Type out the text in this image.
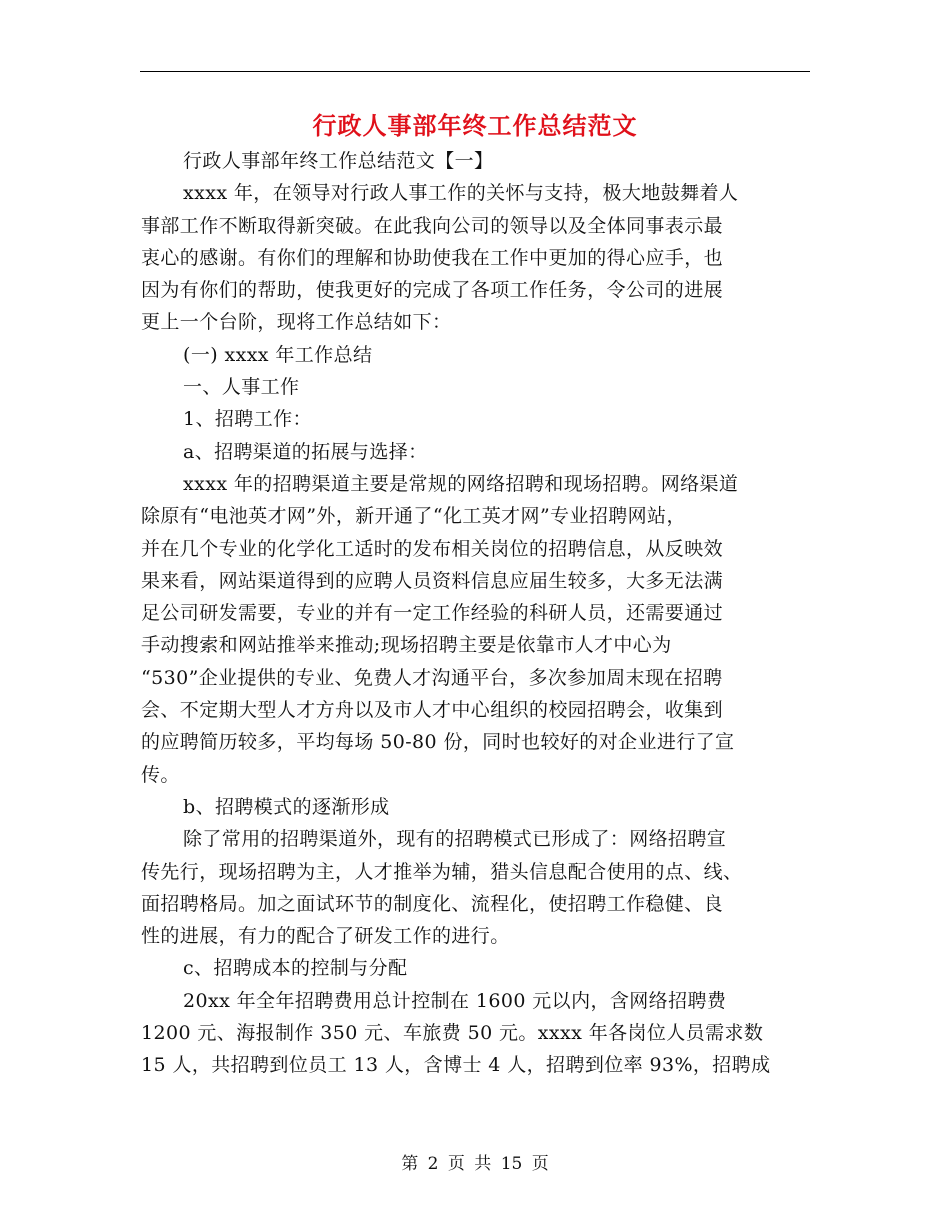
行政人事部年终工作总结范文
行政人事部年终工作总结范文【一】
xxxx 年，在领导对行政人事工作的关怀与支持，极大地鼓舞着人
事部工作不断取得新突破。在此我向公司的领导以及全体同事表示最
衷心的感谢。有你们的理解和协助使我在工作中更加的得心应手，也
因为有你们的帮助，使我更好的完成了各项工作任务，令公司的进展
更上一个台阶，现将工作总结如下：
(一) xxxx 年工作总结
一、人事工作
1、招聘工作：
a、招聘渠道的拓展与选择：
xxxx 年的招聘渠道主要是常规的网络招聘和现场招聘。网络渠道
除原有“电池英才网”外，新开通了“化工英才网”专业招聘网站，
并在几个专业的化学化工适时的发布相关岗位的招聘信息，从反映效
果来看，网站渠道得到的应聘人员资料信息应届生较多，大多无法满
足公司研发需要，专业的并有一定工作经验的科研人员，还需要通过
手动搜索和网站推举来推动;现场招聘主要是依靠市人才中心为
“530”企业提供的专业、免费人才沟通平台，多次参加周末现在招聘
会、不定期大型人才方舟以及市人才中心组织的校园招聘会，收集到
的应聘简历较多，平均每场 50-80 份，同时也较好的对企业进行了宣
传。
b、招聘模式的逐渐形成
除了常用的招聘渠道外，现有的招聘模式已形成了：网络招聘宣
传先行，现场招聘为主，人才推举为辅，猎头信息配合使用的点、线、
面招聘格局。加之面试环节的制度化、流程化，使招聘工作稳健、良
性的进展，有力的配合了研发工作的进行。
c、招聘成本的控制与分配
20xx 年全年招聘费用总计控制在 1600 元以内，含网络招聘费
1200 元、海报制作 350 元、车旅费 50 元。xxxx 年各岗位人员需求数
15 人，共招聘到位员工 13 人，含博士 4 人，招聘到位率 93%，招聘成
第 2 页 共 15 页
